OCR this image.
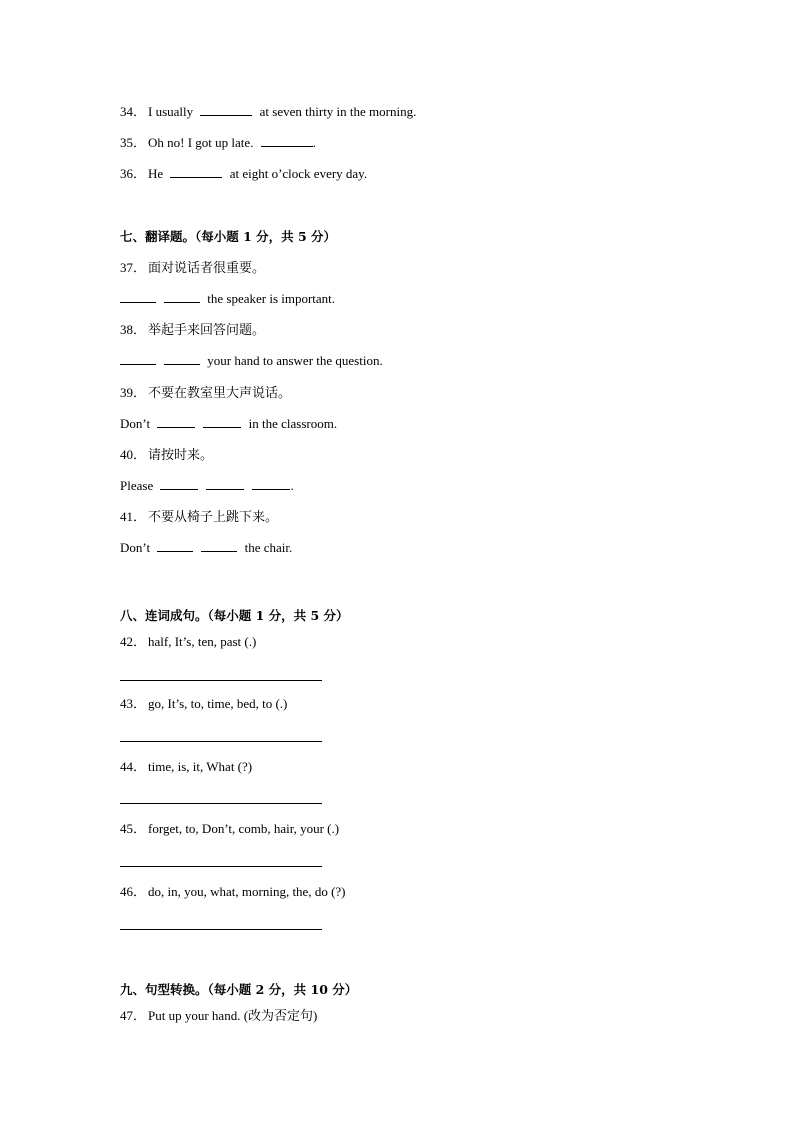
34． I usually	at seven thirty in the morning.
35． Oh no! I got up late.	.
36． He	at eight o’clock every day.
七、翻译题。（每小题 1 分，共 5 分）
37． 面对说话者很重要。
the speaker is important.
38． 举起手来回答问题。
your hand to answer the question.
39． 不要在教室里大声说话。
Don’t	in the classroom.
40． 请按时来。
Please	.
41． 不要从椅子上跳下来。
Don’t	the chair.
八、连词成句。（每小题 1 分，共 5 分）
42． half, It’s, ten, past (.)
43． go, It’s, to, time, bed, to (.)
44． time, is, it, What (?)
45． forget, to, Don’t, comb, hair, your (.)
46． do, in, you, what, morning, the, do (?)
九、句型转换。（每小题 2 分，共 10 分）
47． Put up your hand. (改为否定句)
